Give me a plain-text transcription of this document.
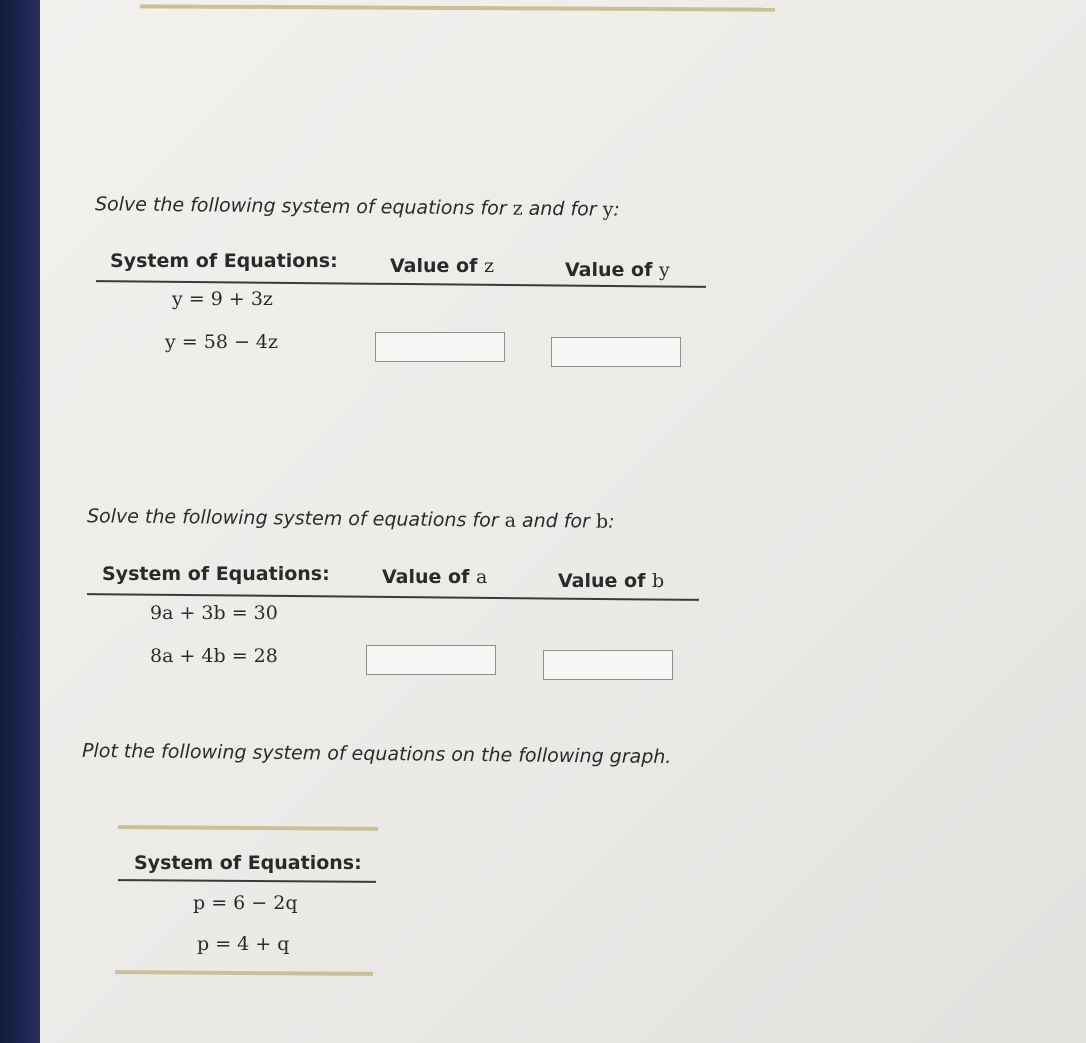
Solve the following system of equations for z and for y:
System of Equations:	Value of z	Value of y
y = 9 + 3z
y = 58 − 4z
Solve the following system of equations for a and for b:
System of Equations:	Value of a	Value of b
9a + 3b = 30
8a + 4b = 28
Plot the following system of equations on the following graph.
System of Equations:
p = 6 − 2q
p = 4 + q
